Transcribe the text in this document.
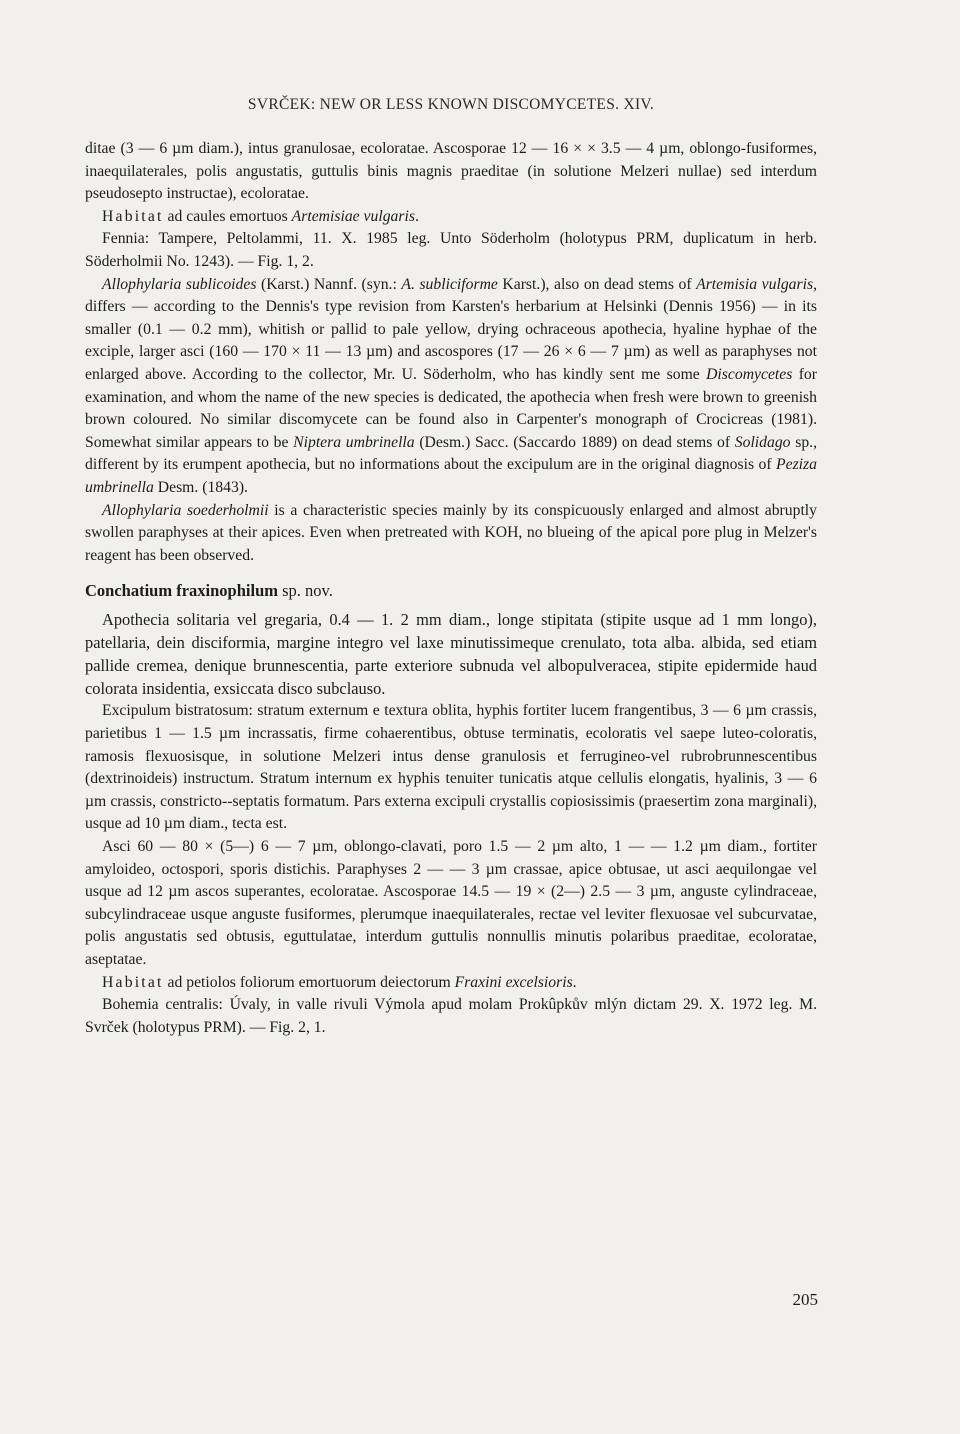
SVRČEK: NEW OR LESS KNOWN DISCOMYCETES. XIV.

ditae (3 — 6 µm diam.), intus granulosae, ecoloratae. Ascosporae 12 — 16 × × 3.5 — 4 µm, oblongo-fusiformes, inaequilaterales, polis angustatis, guttulis binis magnis praeditae (in solutione Melzeri nullae) sed interdum pseudosepto instructae), ecoloratae.

Habitat ad caules emortuos Artemisiae vulgaris.

Fennia: Tampere, Peltolammi, 11. X. 1985 leg. Unto Söderholm (holotypus PRM, duplicatum in herb. Söderholmii No. 1243). — Fig. 1, 2.

Allophylaria sublicoides (Karst.) Nannf. (syn.: A. subliciforme Karst.), also on dead stems of Artemisia vulgaris, differs — according to the Dennis's type revision from Karsten's herbarium at Helsinki (Dennis 1956) — in its smaller (0.1 — 0.2 mm), whitish or pallid to pale yellow, drying ochraceous apothecia, hyaline hyphae of the exciple, larger asci (160 — 170 × 11 — 13 µm) and ascospores (17 — 26 × 6 — 7 µm) as well as paraphyses not enlarged above. According to the collector, Mr. U. Söderholm, who has kindly sent me some Discomycetes for examination, and whom the name of the new species is dedicated, the apothecia when fresh were brown to greenish brown coloured. No similar discomycete can be found also in Carpenter's monograph of Crocicreas (1981). Somewhat similar appears to be Niptera umbrinella (Desm.) Sacc. (Saccardo 1889) on dead stems of Solidago sp., different by its erumpent apothecia, but no informations about the excipulum are in the original diagnosis of Peziza umbrinella Desm. (1843).

Allophylaria soederholmii is a characteristic species mainly by its conspicuously enlarged and almost abruptly swollen paraphyses at their apices. Even when pretreated with KOH, no blueing of the apical pore plug in Melzer's reagent has been observed.

Conchatium fraxinophilum sp. nov.

Apothecia solitaria vel gregaria, 0.4 — 1. 2 mm diam., longe stipitata (stipite usque ad 1 mm longo), patellaria, dein disciformia, margine integro vel laxe minutissimeque crenulato, tota alba. albida, sed etiam pallide cremea, denique brunnescentia, parte exteriore subnuda vel albopulveracea, stipite epidermide haud colorata insidentia, exsiccata disco subclauso.

Excipulum bistratosum: stratum externum e textura oblita, hyphis fortiter lucem frangentibus, 3 — 6 µm crassis, parietibus 1 — 1.5 µm incrassatis, firme cohaerentibus, obtuse terminatis, ecoloratis vel saepe luteo-coloratis, ramosis flexuosisque, in solutione Melzeri intus dense granulosis et ferrugineo-vel rubrobrunnescentibus (dextrinoideis) instructum. Stratum internum ex hyphis tenuiter tunicatis atque cellulis elongatis, hyalinis, 3 — 6 µm crassis, constricto--septatis formatum. Pars externa excipuli crystallis copiosissimis (praesertim zona marginali), usque ad 10 µm diam., tecta est.

Asci 60 — 80 × (5—) 6 — 7 µm, oblongo-clavati, poro 1.5 — 2 µm alto, 1 — — 1.2 µm diam., fortiter amyloideo, octospori, sporis distichis. Paraphyses 2 — — 3 µm crassae, apice obtusae, ut asci aequilongae vel usque ad 12 µm ascos superantes, ecoloratae. Ascosporae 14.5 — 19 × (2—) 2.5 — 3 µm, anguste cylindraceae, subcylindraceae usque anguste fusiformes, plerumque inaequilaterales, rectae vel leviter flexuosae vel subcurvatae, polis angustatis sed obtusis, eguttulatae, interdum guttulis nonnullis minutis polaribus praeditae, ecoloratae, aseptatae.

Habitat ad petiolos foliorum emortuorum deiectorum Fraxini excelsioris.

Bohemia centralis: Úvaly, in valle rivuli Výmola apud molam Prokûpkův mlýn dictam 29. X. 1972 leg. M. Svrček (holotypus PRM). — Fig. 2, 1.

205
